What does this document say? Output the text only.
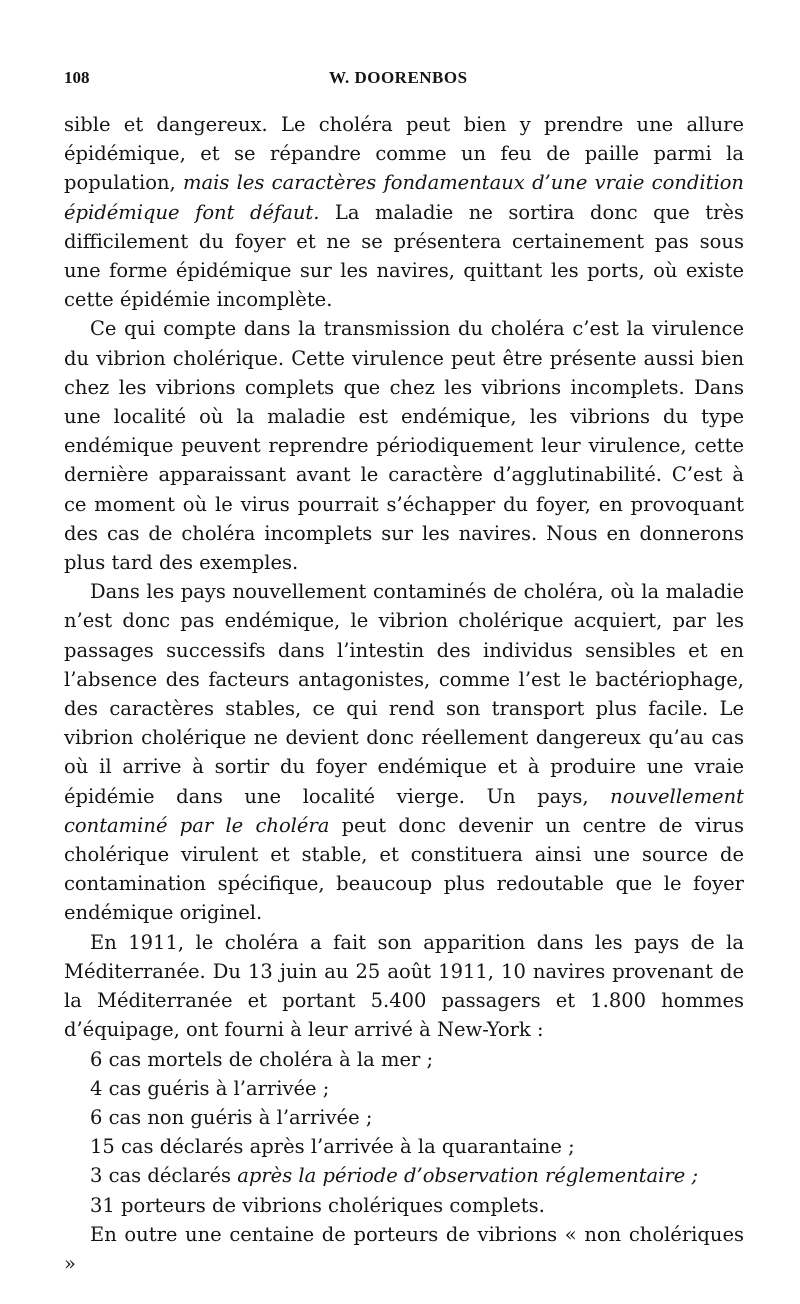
108	W. DOORENBOS

sible et dangereux. Le choléra peut bien y prendre une allure épidémique, et se répandre comme un feu de paille parmi la population, mais les caractères fondamentaux d’une vraie condition épidémique font défaut. La maladie ne sortira donc que très difficilement du foyer et ne se présentera certainement pas sous une forme épidémique sur les navires, quittant les ports, où existe cette épidémie incomplète.

Ce qui compte dans la transmission du choléra c’est la virulence du vibrion cholérique. Cette virulence peut être présente aussi bien chez les vibrions complets que chez les vibrions incomplets. Dans une localité où la maladie est endémique, les vibrions du type endémique peuvent reprendre périodiquement leur virulence, cette dernière apparaissant avant le caractère d’agglutinabilité. C’est à ce moment où le virus pourrait s’échapper du foyer, en provoquant des cas de choléra incomplets sur les navires. Nous en donnerons plus tard des exemples.

Dans les pays nouvellement contaminés de choléra, où la maladie n’est donc pas endémique, le vibrion cholérique acquiert, par les passages successifs dans l’intestin des individus sensibles et en l’absence des facteurs antagonistes, comme l’est le bactériophage, des caractères stables, ce qui rend son transport plus facile. Le vibrion cholérique ne devient donc réellement dangereux qu’au cas où il arrive à sortir du foyer endémique et à produire une vraie épidémie dans une localité vierge. Un pays, nouvellement contaminé par le choléra peut donc devenir un centre de virus cholérique virulent et stable, et constituera ainsi une source de contamination spécifique, beaucoup plus redoutable que le foyer endémique originel.

En 1911, le choléra a fait son apparition dans les pays de la Méditerranée. Du 13 juin au 25 août 1911, 10 navires provenant de la Méditerranée et portant 5.400 passagers et 1.800 hommes d’équipage, ont fourni à leur arrivé à New-York :

6 cas mortels de choléra à la mer ;
4 cas guéris à l’arrivée ;
6 cas non guéris à l’arrivée ;
15 cas déclarés après l’arrivée à la quarantaine ;
3 cas déclarés après la période d’observation réglementaire ;
31 porteurs de vibrions cholériques complets.

En outre une centaine de porteurs de vibrions « non cholériques »
